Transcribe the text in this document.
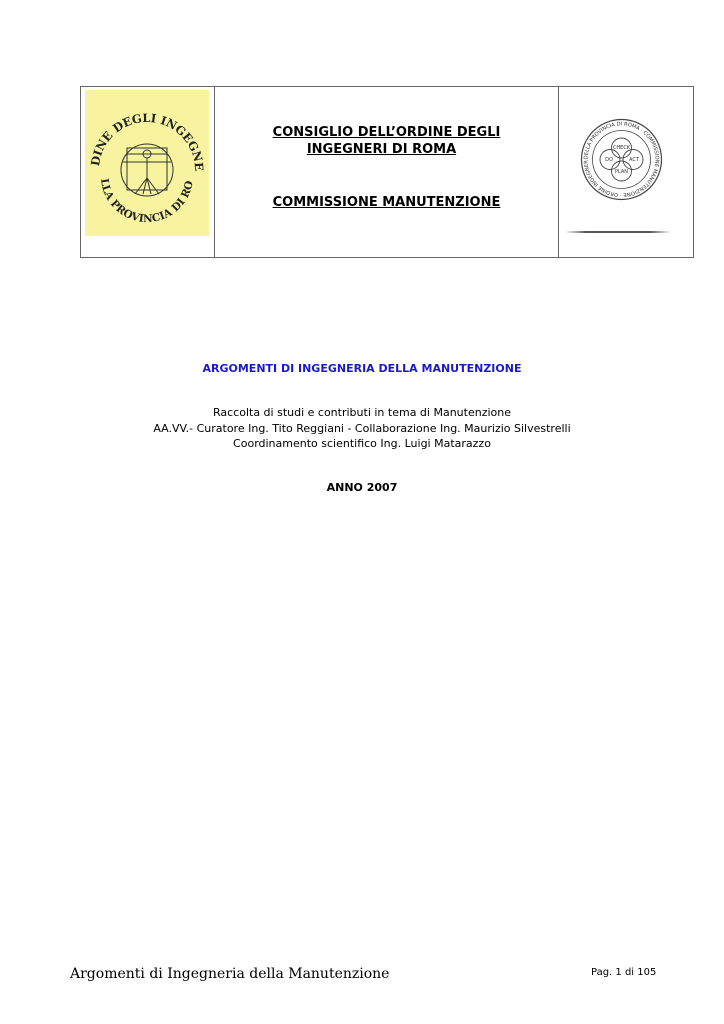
DINE DEGLI INGEGNE
LLA PROVINCIA DI RO
CONSIGLIO DELL’ORDINE DEGLI
INGEGNERI DI ROMA
COMMISSIONE MANUTENZIONE
DELLA PROVINCIA DI ROMA · COMMISSIONE MANUTENZIONE · ORDINE INGEGNER
CHECK
ACT
PLAN
DO
ARGOMENTI DI INGEGNERIA DELLA MANUTENZIONE
Raccolta di studi e contributi in tema di Manutenzione
AA.VV.- Curatore Ing. Tito Reggiani - Collaborazione Ing. Maurizio Silvestrelli
Coordinamento scientifico Ing. Luigi Matarazzo
ANNO 2007
Argomenti di Ingegneria della Manutenzione	Pag. 1 di 105
